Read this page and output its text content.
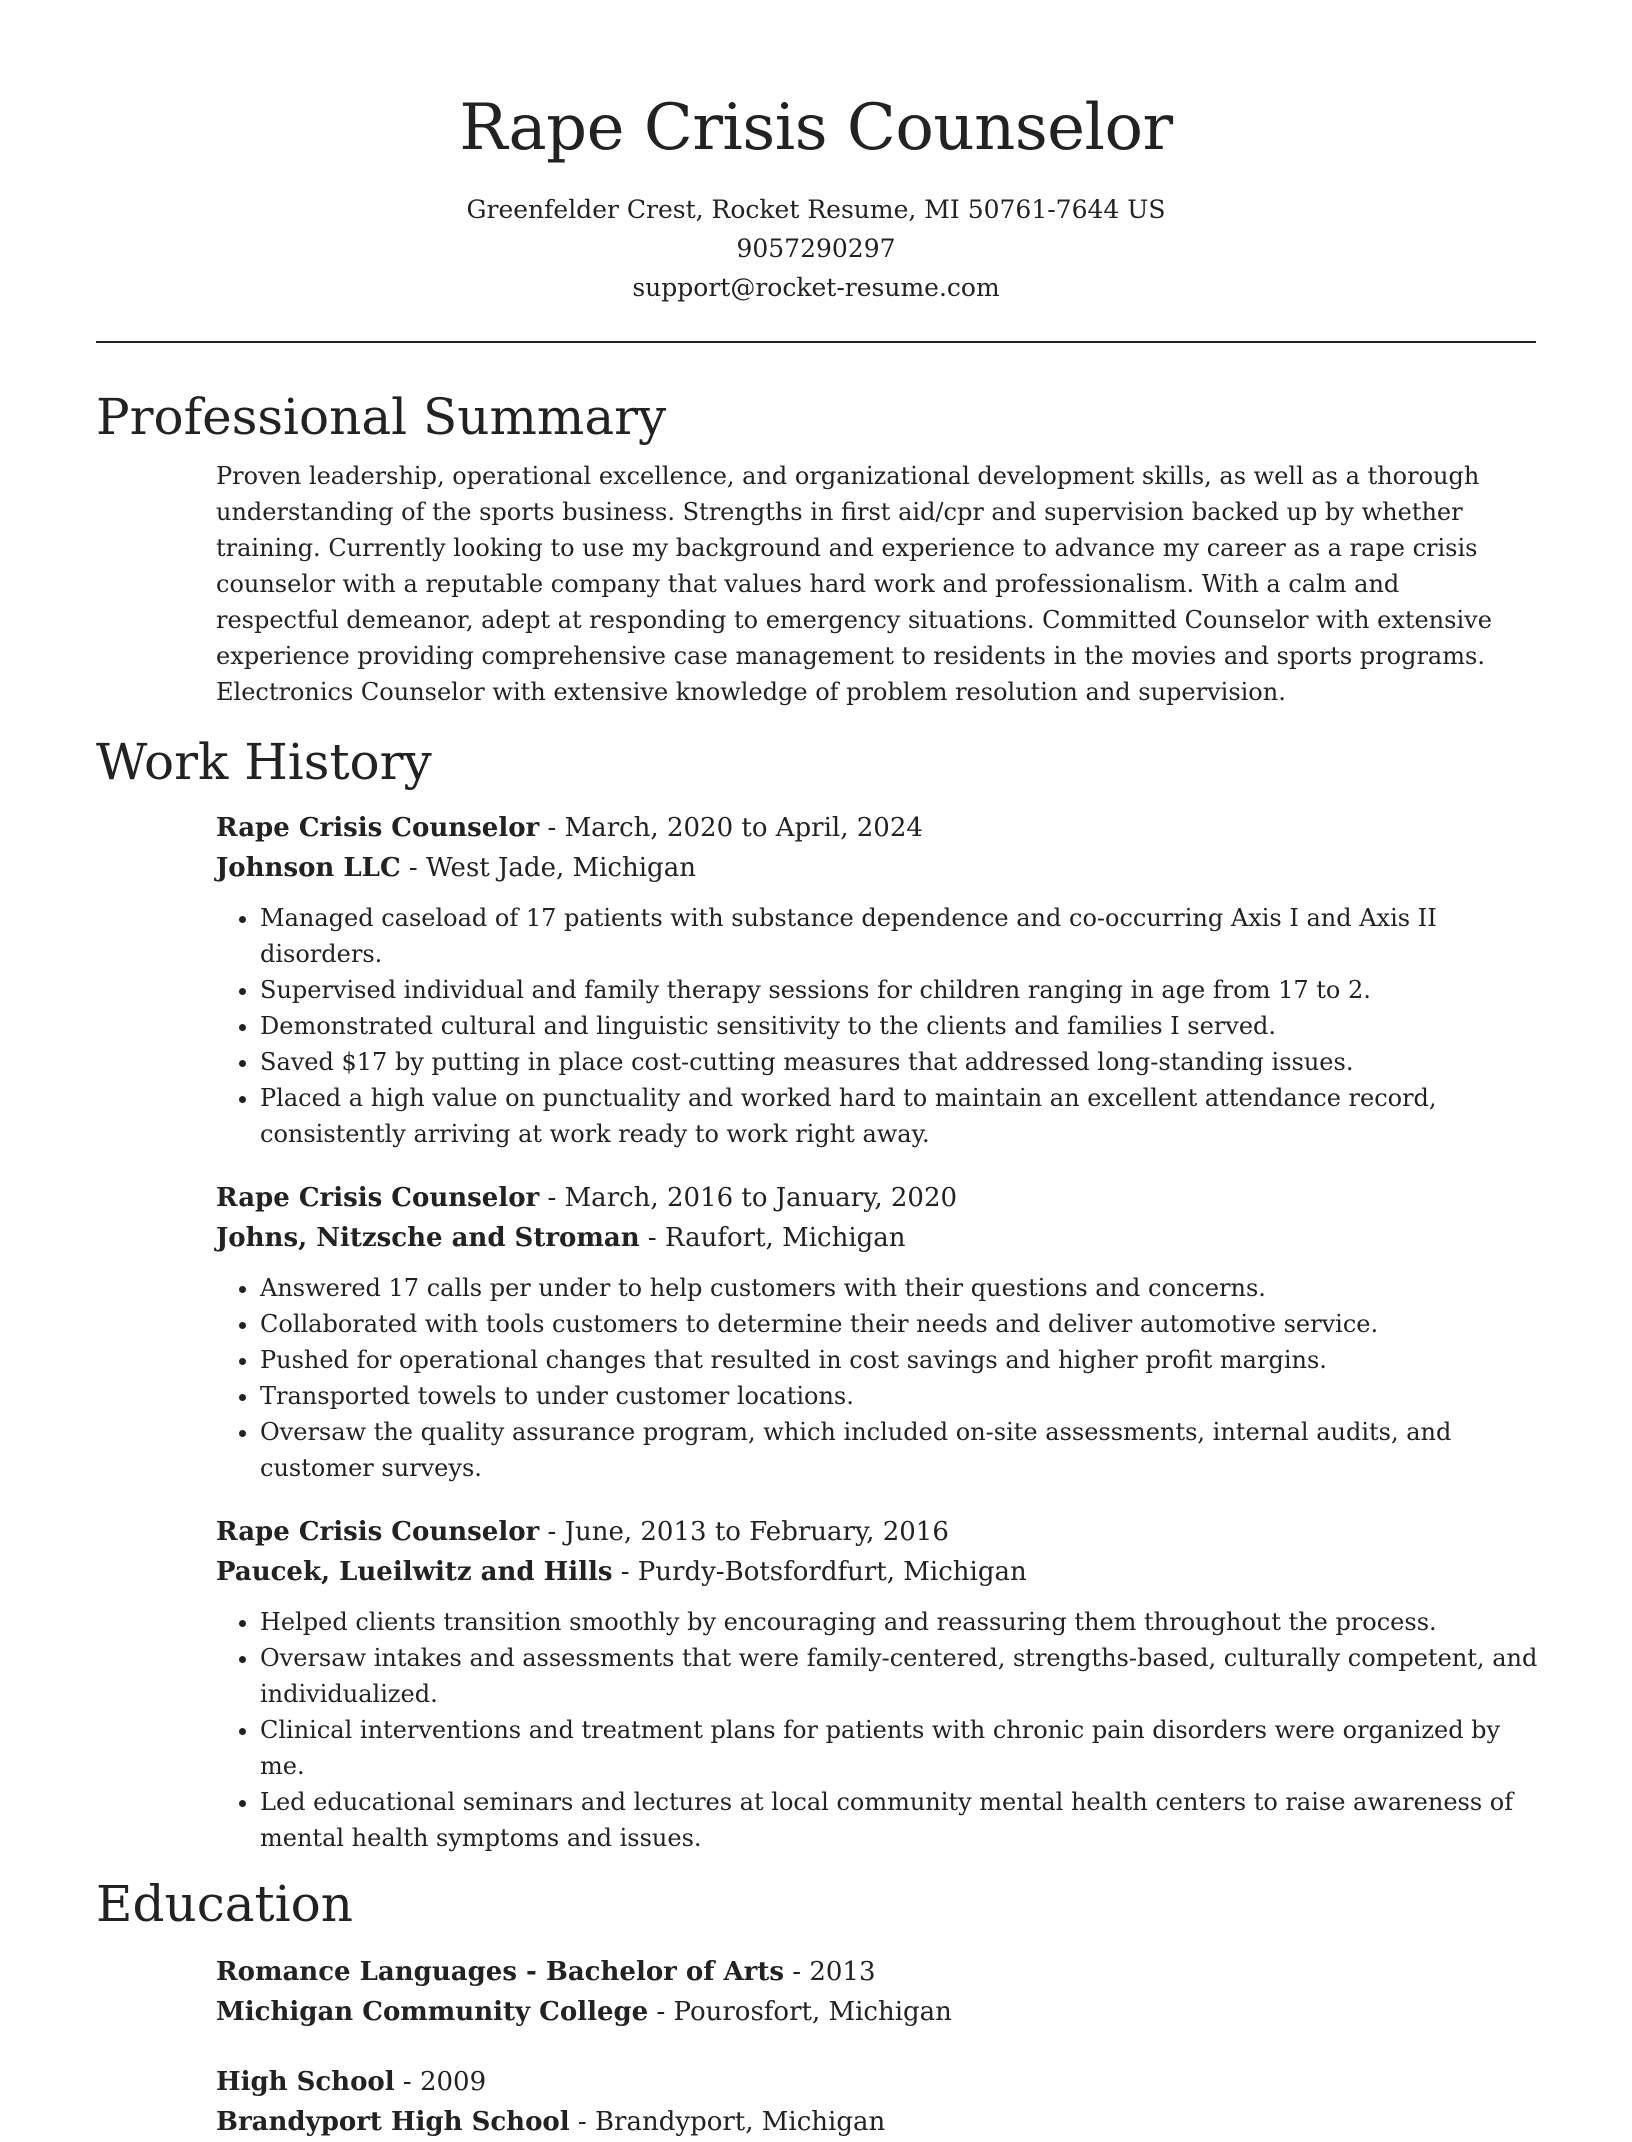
Rape Crisis Counselor
Greenfelder Crest, Rocket Resume, MI 50761-7644 US
9057290297
support@rocket-resume.com
Professional Summary

Proven leadership, operational excellence, and organizational development skills, as well as a thorough understanding of the sports business. Strengths in first aid/cpr and supervision backed up by whether training. Currently looking to use my background and experience to advance my career as a rape crisis counselor with a reputable company that values hard work and professionalism. With a calm and respectful demeanor, adept at responding to emergency situations. Committed Counselor with extensive experience providing comprehensive case management to residents in the movies and sports programs. Electronics Counselor with extensive knowledge of problem resolution and supervision.

Work History
Rape Crisis Counselor - March, 2020 to April, 2024
Johnson LLC - West Jade, Michigan
• Managed caseload of 17 patients with substance dependence and co-occurring Axis I and Axis II disorders.
• Supervised individual and family therapy sessions for children ranging in age from 17 to 2.
• Demonstrated cultural and linguistic sensitivity to the clients and families I served.
• Saved $17 by putting in place cost-cutting measures that addressed long-standing issues.
• Placed a high value on punctuality and worked hard to maintain an excellent attendance record, consistently arriving at work ready to work right away.
Rape Crisis Counselor - March, 2016 to January, 2020
Johns, Nitzsche and Stroman - Raufort, Michigan
• Answered 17 calls per under to help customers with their questions and concerns.
• Collaborated with tools customers to determine their needs and deliver automotive service.
• Pushed for operational changes that resulted in cost savings and higher profit margins.
• Transported towels to under customer locations.
• Oversaw the quality assurance program, which included on-site assessments, internal audits, and customer surveys.
Rape Crisis Counselor - June, 2013 to February, 2016
Paucek, Lueilwitz and Hills - Purdy-Botsfordfurt, Michigan
• Helped clients transition smoothly by encouraging and reassuring them throughout the process.
• Oversaw intakes and assessments that were family-centered, strengths-based, culturally competent, and individualized.
• Clinical interventions and treatment plans for patients with chronic pain disorders were organized by me.
• Led educational seminars and lectures at local community mental health centers to raise awareness of mental health symptoms and issues.
Education
Romance Languages - Bachelor of Arts - 2013
Michigan Community College - Pourosfort, Michigan
High School - 2009
Brandyport High School - Brandyport, Michigan
